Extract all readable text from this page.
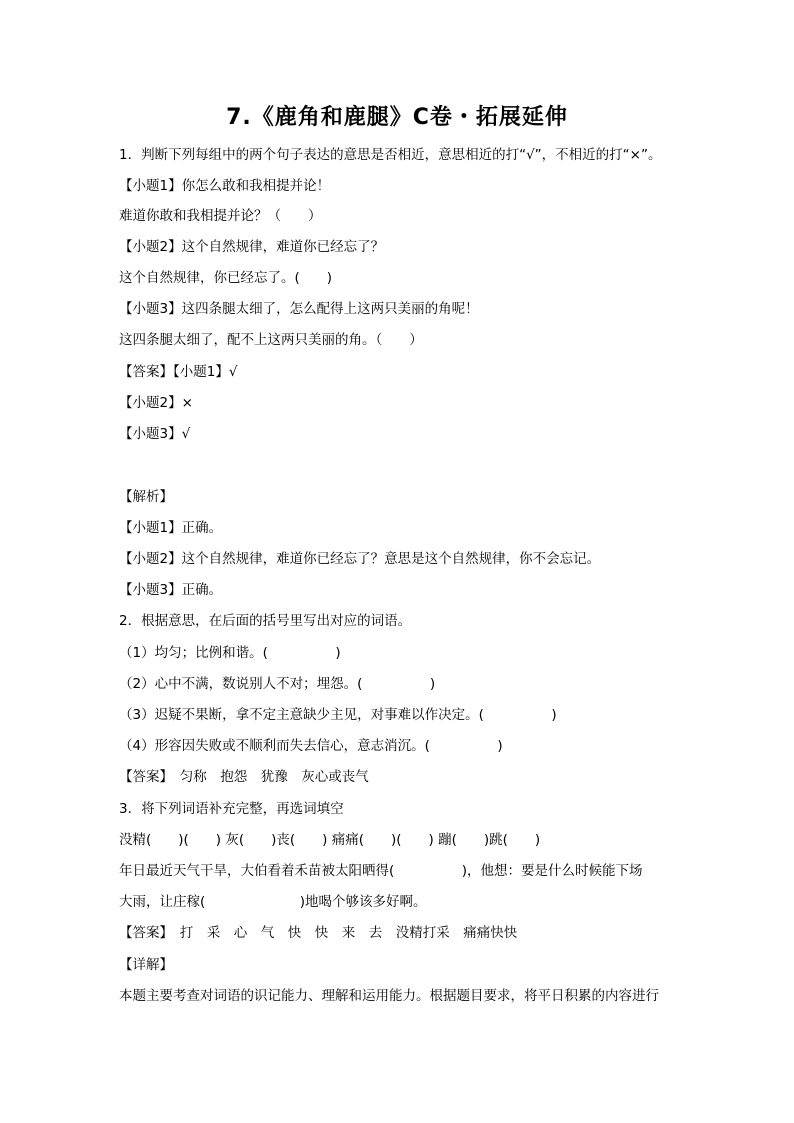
7.《鹿角和鹿腿》C卷・拓展延伸
1．判断下列每组中的两个句子表达的意思是否相近，意思相近的打“√”，不相近的打“×”。
【小题1】你怎么敢和我相提并论！
难道你敢和我相提并论？（　　）
【小题2】这个自然规律，难道你已经忘了？
这个自然规律，你已经忘了。(　　)
【小题3】这四条腿太细了，怎么配得上这两只美丽的角呢！
这四条腿太细了，配不上这两只美丽的角。（　　）
【答案】【小题1】√
【小题2】×
【小题3】√
【解析】
【小题1】正确。
【小题2】这个自然规律，难道你已经忘了？意思是这个自然规律，你不会忘记。
【小题3】正确。
2．根据意思，在后面的括号里写出对应的词语。
（1）均匀；比例和谐。(　　　　　)
（2）心中不满，数说别人不对；埋怨。(　　　　　)
（3）迟疑不果断，拿不定主意缺少主见，对事难以作决定。(　　　　　)
（4）形容因失败或不顺利而失去信心，意志消沉。(　　　　　)
【答案】　匀称　抱怨　犹豫　灰心或丧气
3．将下列词语补充完整，再选词填空
没精(　　)(　　) 灰(　　)丧(　　) 痛痛(　　)(　　) 蹦(　　)跳(　　)
年日最近天气干旱，大伯看着禾苗被太阳晒得(　　　　　)，他想：要是什么时候能下场
大雨，让庄稼(　　　　　　　)地喝个够该多好啊。
【答案】　打　采　心　气　快　快　来　去　没精打采　痛痛快快
【详解】
本题主要考查对词语的识记能力、理解和运用能力。根据题目要求，将平日积累的内容进行
